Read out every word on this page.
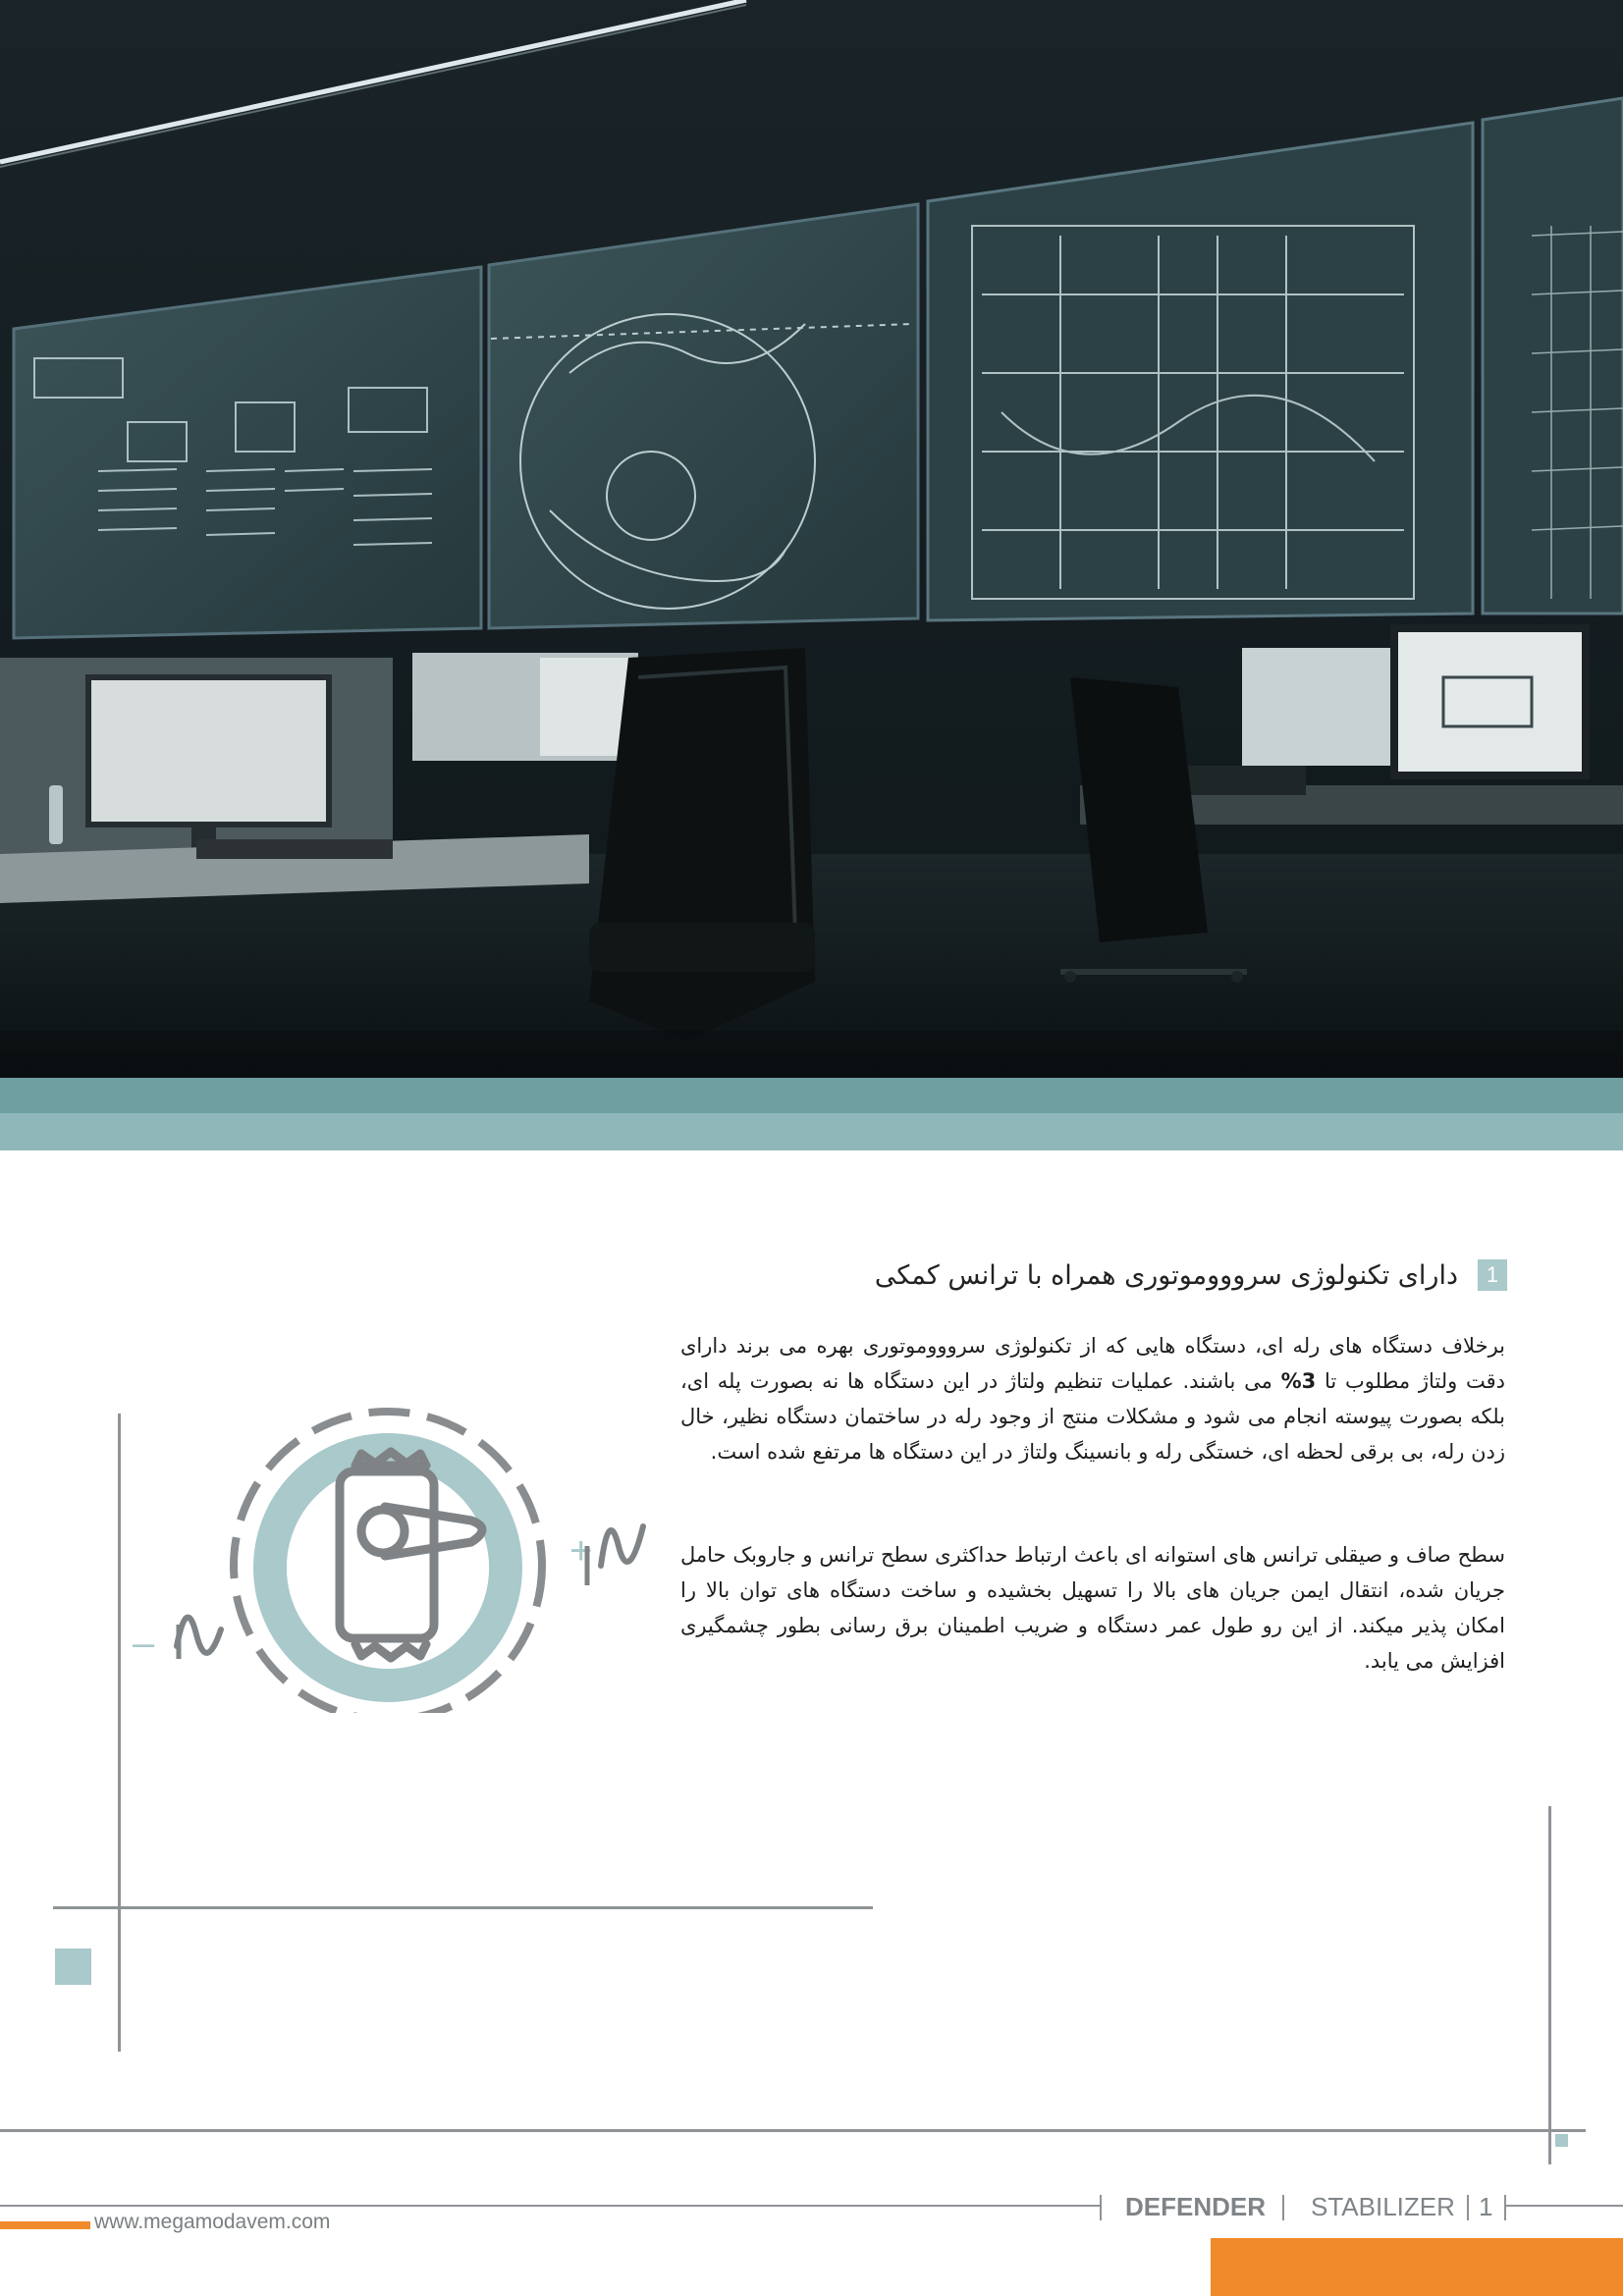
1
دارای تکنولوژی سروووموتوری همراه با ترانس کمکی
برخلاف دستگاه های رله ای، دستگاه هایی که از تکنولوژی سروووموتوری بهره می برند دارای دقت ولتاژ مطلوب تا 3% می باشند. عملیات تنظیم ولتاژ در این دستگاه ها نه بصورت پله ای، بلکه بصورت پیوسته انجام می شود و مشکلات منتج از وجود رله در ساختمان دستگاه نظیر، خال زدن رله، بی برقی لحظه ای، خستگی رله و بانسینگ ولتاژ در این دستگاه ها مرتفع شده است.
سطح صاف و صیقلی ترانس های استوانه ای باعث ارتباط حداکثری سطح ترانس و جاروبک حامل جریان شده، انتقال ایمن جریان های بالا را تسهیل بخشیده و ساخت دستگاه های توان بالا را امکان پذیر میکند. از این رو طول عمر دستگاه و ضریب اطمینان برق رسانی بطور چشمگیری افزایش می یابد.
+
–
www.megamodavem.com
DEFENDER STABILIZER 1
